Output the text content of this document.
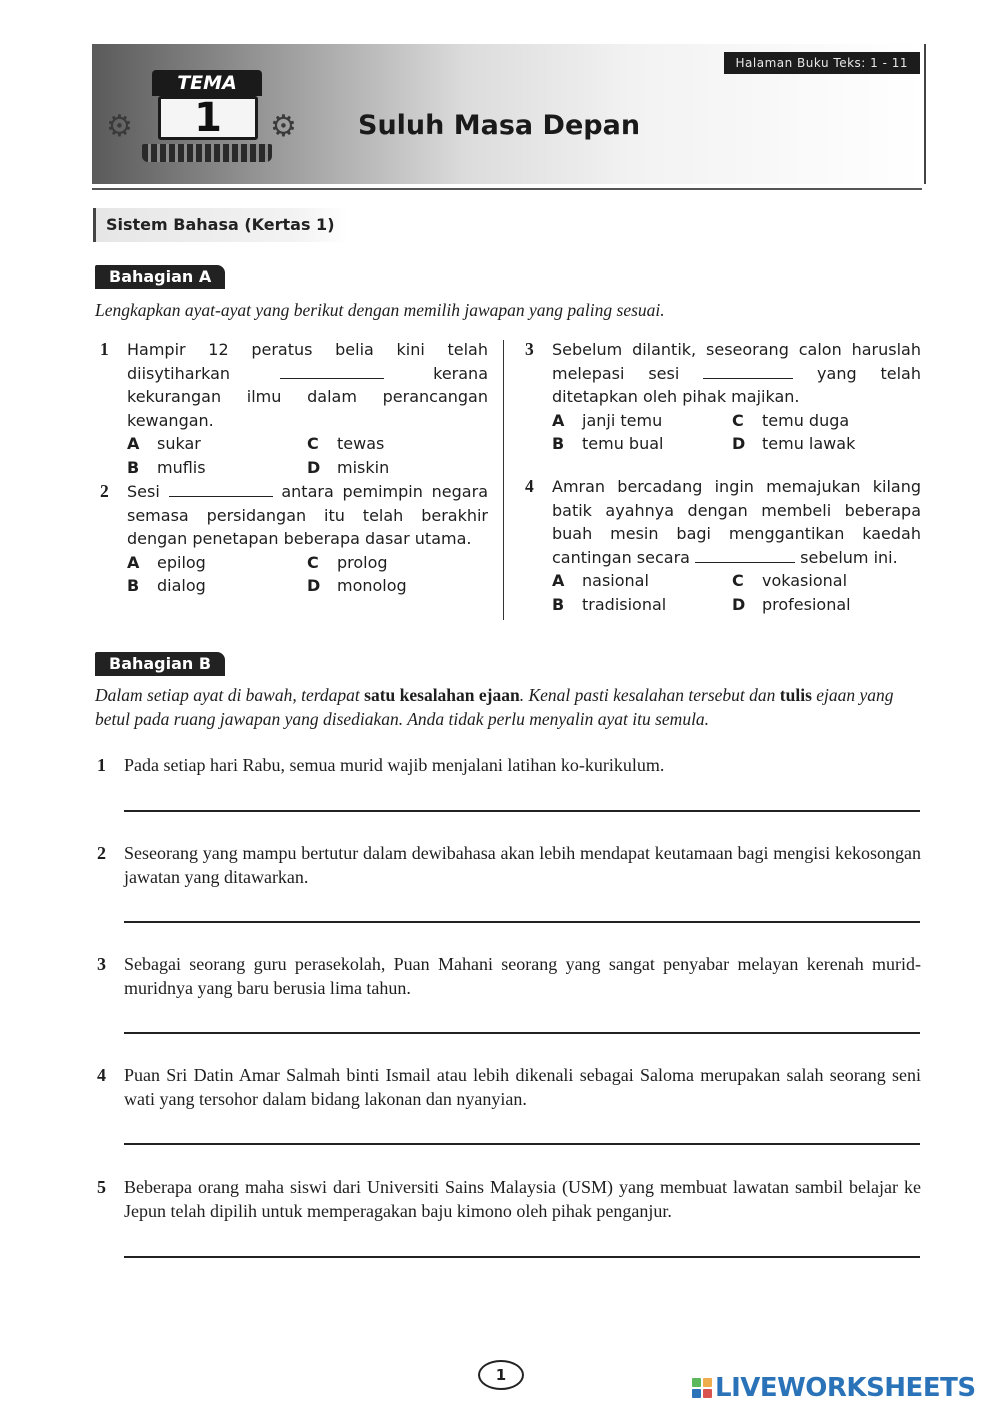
Halaman Buku Teks: 1 - 11
⚙	⚙
TEMA
1	Suluh Masa Depan
Sistem Bahasa (Kertas 1)
Bahagian A
Lengkapkan ayat-ayat yang berikut dengan memilih jawapan yang paling sesuai.
1 Hampir 12 peratus belia kini telah diisytiharkan	kerana kekurangan ilmu dalam perancangan kewangan.
A	sukar	C	tewas
B	muflis	D	miskin
2 Sesi	antara pemimpin negara semasa persidangan itu telah berakhir dengan penetapan beberapa dasar utama.
A	epilog	C	prolog
B	dialog	D	monolog
3 Sebelum dilantik, seseorang calon haruslah melepasi sesi	yang telah ditetapkan oleh pihak majikan.
A	janji temu	C	temu duga
B	temu bual	D	temu lawak
4 Amran bercadang ingin memajukan kilang batik ayahnya dengan membeli beberapa buah mesin bagi menggantikan kaedah cantingan secara	sebelum ini.
A	nasional	C	vokasional
B	tradisional	D	profesional
Bahagian B
Dalam setiap ayat di bawah, terdapat satu kesalahan ejaan. Kenal pasti kesalahan tersebut dan tulis ejaan yang betul pada ruang jawapan yang disediakan. Anda tidak perlu menyalin ayat itu semula.
1 Pada setiap hari Rabu, semua murid wajib menjalani latihan ko-kurikulum.
2 Seseorang yang mampu bertutur dalam dewibahasa akan lebih mendapat keutamaan bagi mengisi kekosongan jawatan yang ditawarkan.
3 Sebagai seorang guru perasekolah, Puan Mahani seorang yang sangat penyabar melayan kerenah murid-muridnya yang baru berusia lima tahun.
4 Puan Sri Datin Amar Salmah binti Ismail atau lebih dikenali sebagai Saloma merupakan salah seorang seni wati yang tersohor dalam bidang lakonan dan nyanyian.
5 Beberapa orang maha siswi dari Universiti Sains Malaysia (USM) yang membuat lawatan sambil belajar ke Jepun telah dipilih untuk memperagakan baju kimono oleh pihak penganjur.
1	LIVEWORKSHEETS
